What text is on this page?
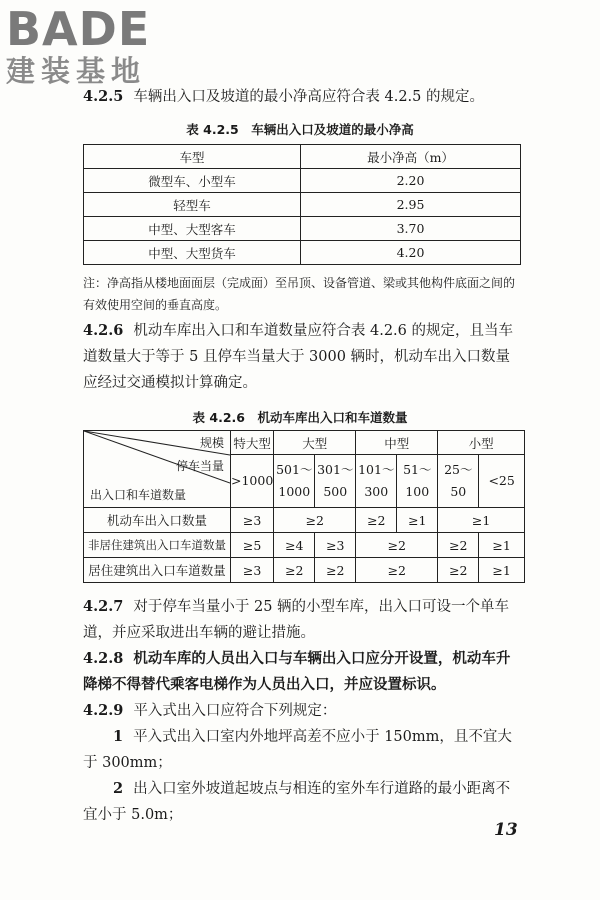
BADE
建装基地
4.2.5 车辆出入口及坡道的最小净高应符合表 4.2.5 的规定。
表 4.2.5　车辆出入口及坡道的最小净高
车型	最小净高（m）
微型车、小型车	2.20
轻型车	2.95
中型、大型客车	3.70
中型、大型货车	4.20
注：净高指从楼地面面层（完成面）至吊顶、设备管道、梁或其他构件底面之间的有效使用空间的垂直高度。
4.2.6 机动车库出入口和车道数量应符合表 4.2.6 的规定，且当车道数量大于等于 5 且停车当量大于 3000 辆时，机动车出入口数量应经过交通模拟计算确定。
表 4.2.6　机动车库出入口和车道数量
规模
停车当量
出入口和车道数量	特大型	大型		中型		小型	
	>1000	501～1000	301～500	101～300	51～100	25～50	<25
机动车出入口数量	≥3	≥2		≥2	≥1	≥1	
非居住建筑出入口车道数量	≥5	≥4	≥3	≥2		≥2	≥1
居住建筑出入口车道数量	≥3	≥2	≥2	≥2		≥2	≥1
4.2.7 对于停车当量小于 25 辆的小型车库，出入口可设一个单车道，并应采取进出车辆的避让措施。
4.2.8 机动车库的人员出入口与车辆出入口应分开设置，机动车升降梯不得替代乘客电梯作为人员出入口，并应设置标识。
4.2.9 平入式出入口应符合下列规定：
1 平入式出入口室内外地坪高差不应小于 150mm，且不宜大于 300mm；
2 出入口室外坡道起坡点与相连的室外车行道路的最小距离不宜小于 5.0m；
13
